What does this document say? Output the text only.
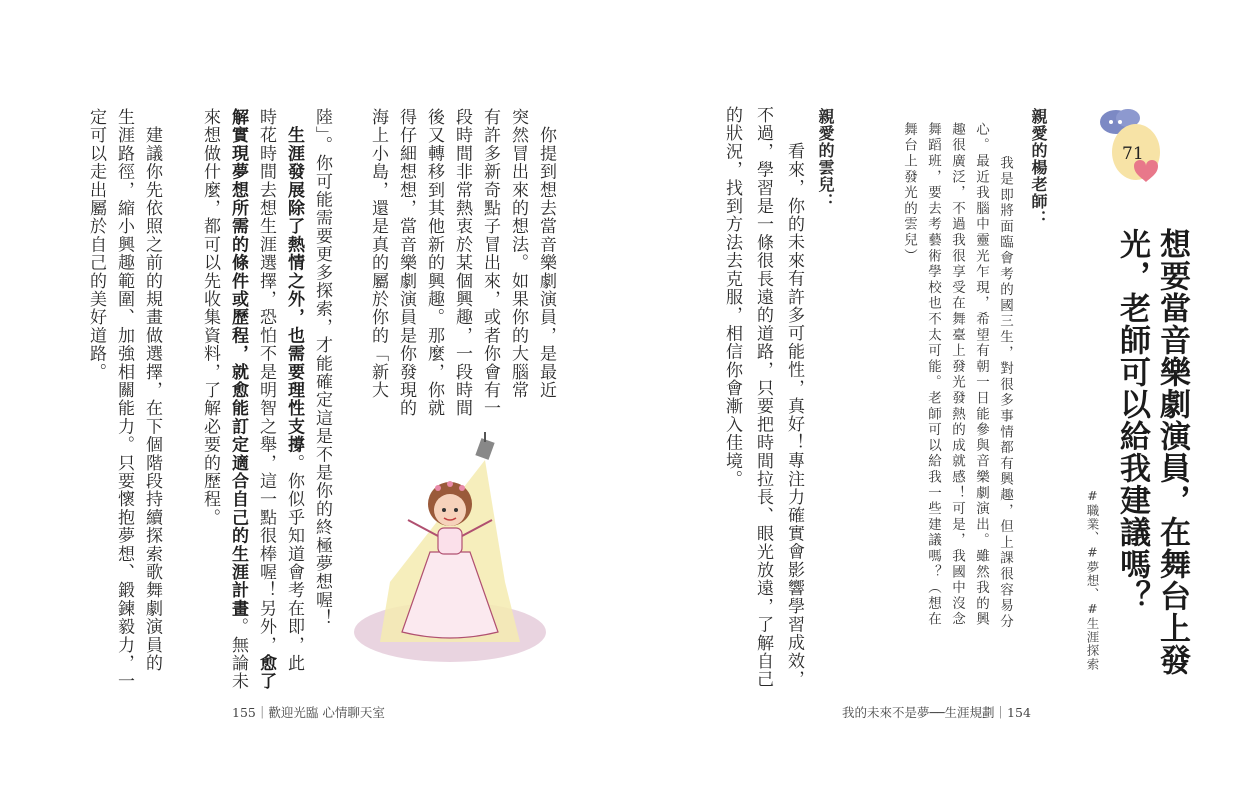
71
想要當音樂劇演員，在舞台上發
光，老師可以給我建議嗎？
#職業、#夢想、#生涯探索
親愛的楊老師：
　我是即將面臨會考的國三生，對很多事情都有興趣，但上課很容易分
心。最近我腦中靈光乍現，希望有朝一日能參與音樂劇演出。雖然我的興
趣很廣泛，不過我很享受在舞臺上發光發熱的成就感！可是，我國中沒念
舞蹈班，要去考藝術學校也不太可能。老師可以給我一些建議嗎？（想在
舞台上發光的雲兒）
親愛的雲兒：
　看來，你的未來有許多可能性，真好！專注力確實會影響學習成效，
不過，學習是一條很長遠的道路，只要把時間拉長、眼光放遠，了解自己
的狀況，找到方法去克服，相信你會漸入佳境。
　你提到想去當音樂劇演員，是最近
突然冒出來的想法。如果你的大腦常
有許多新奇點子冒出來，或者你會有一
段時間非常熱衷於某個興趣，一段時間
後又轉移到其他新的興趣。那麼，你就
得仔細想想，當音樂劇演員是你發現的
海上小島，還是真的屬於你的「新大
陸」。你可能需要更多探索，才能確定這是不是你的終極夢想喔！
　生涯發展除了熱情之外，也需要理性支撐。你似乎知道會考在即，此
時花時間去想生涯選擇，恐怕不是明智之舉，這一點很棒喔！另外，愈了
解實現夢想所需的條件或歷程，就愈能訂定適合自己的生涯計畫。無論未
來想做什麼，都可以先收集資料，了解必要的歷程。
　建議你先依照之前的規畫做選擇，在下個階段持續探索歌舞劇演員的
生涯路徑，縮小興趣範圍、加強相關能力。只要懷抱夢想、鍛鍊毅力，一
定可以走出屬於自己的美好道路。
155｜歡迎光臨 心情聊天室	我的未來不是夢──生涯規劃｜154
